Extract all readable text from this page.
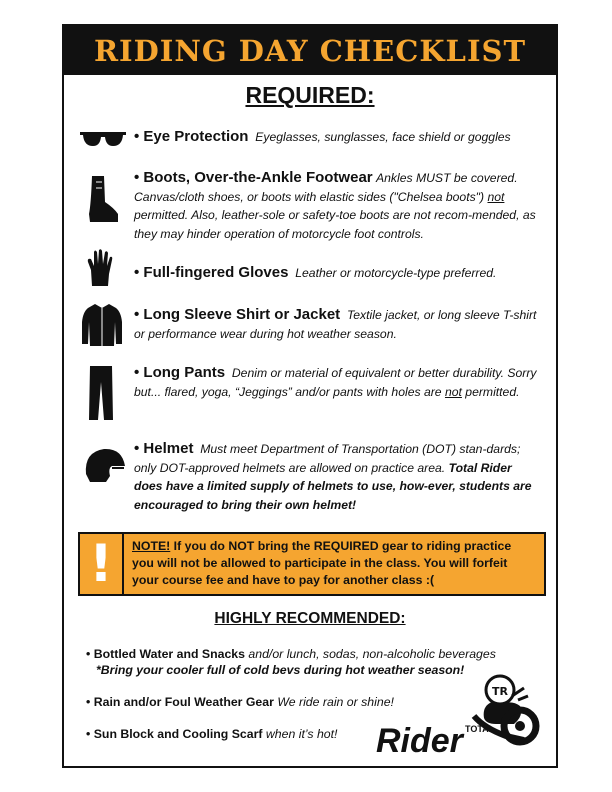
RIDING DAY CHECKLIST
REQUIRED:
• Eye Protection Eyeglasses, sunglasses, face shield or goggles
• Boots, Over-the-Ankle Footwear Ankles MUST be covered. Canvas/cloth shoes, or boots with elastic sides ("Chelsea boots") not permitted. Also, leather-sole or safety-toe boots are not recom-mended, as they may hinder operation of motorcycle foot controls.
• Full-fingered Gloves Leather or motorcycle-type preferred.
• Long Sleeve Shirt or Jacket Textile jacket, or long sleeve T-shirt or performance wear during hot weather season.
• Long Pants Denim or material of equivalent or better durability. Sorry but... flared, yoga, “Jeggings” and/or pants with holes are not permitted.
• Helmet Must meet Department of Transportation (DOT) stan-dards; only DOT-approved helmets are allowed on practice area. Total Rider does have a limited supply of helmets to use, how-ever, students are encouraged to bring their own helmet!
!	NOTE! If you do NOT bring the REQUIRED gear to riding practice you will not be allowed to participate in the class. You will forfeit your course fee and have to pay for another class :(
HIGHLY RECOMMENDED:
• Bottled Water and Snacks and/or lunch, sodas, non-alcoholic beverages
*Bring your cooler full of cold bevs during hot weather season!
• Rain and/or Foul Weather Gear We ride rain or shine!
• Sun Block and Cooling Scarf when it’s hot!
TR
Rider TOTAL
